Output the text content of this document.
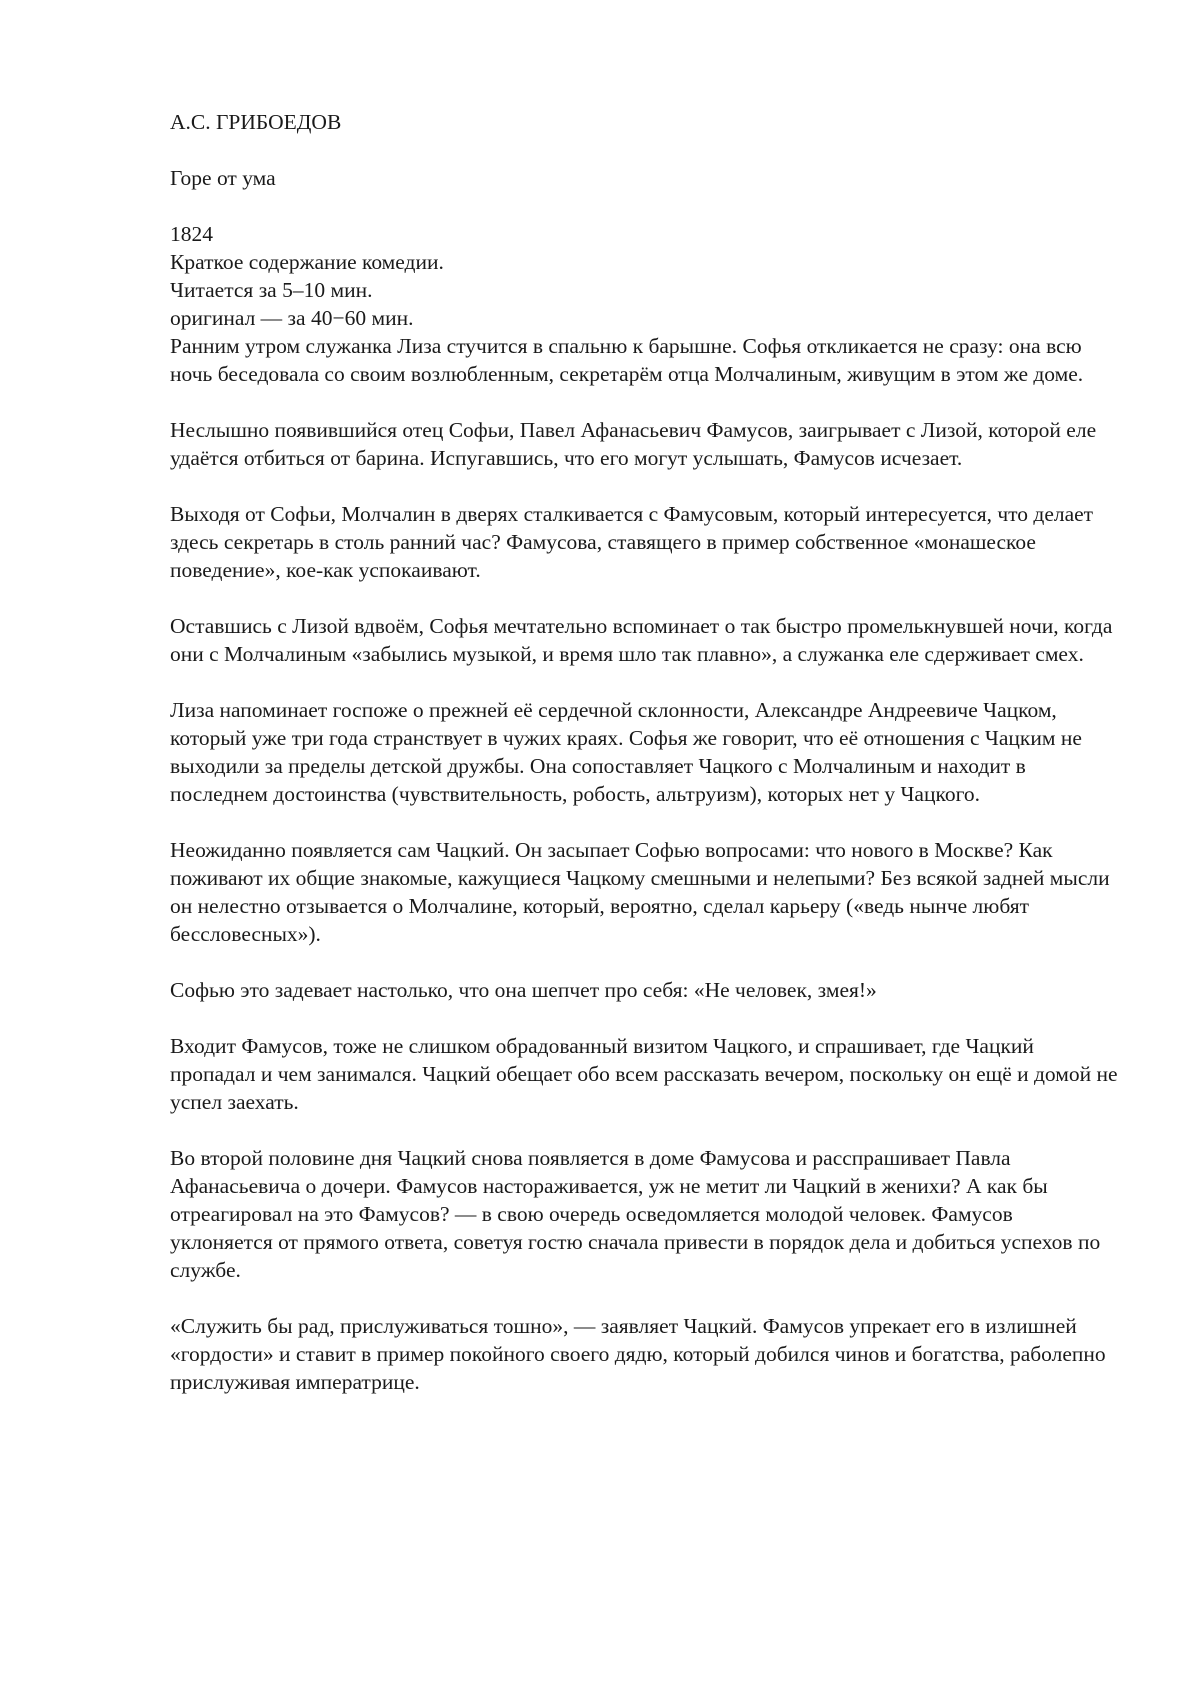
А.С. ГРИБОЕДОВ

Горе от ума

1824

Краткое содержание комедии.

Читается за 5–10 мин.

оригинал — за 40−60 мин.

Ранним утром служанка Лиза стучится в спальню к барышне. Софья откликается не сразу: она всю ночь беседовала со своим возлюбленным, секретарём отца Молчалиным, живущим в этом же доме.

Неслышно появившийся отец Софьи, Павел Афанасьевич Фамусов, заигрывает с Лизой, которой еле удаётся отбиться от барина. Испугавшись, что его могут услышать, Фамусов исчезает.

Выходя от Софьи, Молчалин в дверях сталкивается с Фамусовым, который интересуется, что делает здесь секретарь в столь ранний час? Фамусова, ставящего в пример собственное «монашеское поведение», кое-как успокаивают.

Оставшись с Лизой вдвоём, Софья мечтательно вспоминает о так быстро промелькнувшей ночи, когда они с Молчалиным «забылись музыкой, и время шло так плавно», а служанка еле сдерживает смех.

Лиза напоминает госпоже о прежней её сердечной склонности, Александре Андреевиче Чацком, который уже три года странствует в чужих краях. Софья же говорит, что её отношения с Чацким не выходили за пределы детской дружбы. Она сопоставляет Чацкого с Молчалиным и находит в последнем достоинства (чувствительность, робость, альтруизм), которых нет у Чацкого.

Неожиданно появляется сам Чацкий. Он засыпает Софью вопросами: что нового в Москве? Как поживают их общие знакомые, кажущиеся Чацкому смешными и нелепыми? Без всякой задней мысли он нелестно отзывается о Молчалине, который, вероятно, сделал карьеру («ведь нынче любят бессловесных»).

Софью это задевает настолько, что она шепчет про себя: «Не человек, змея!»

Входит Фамусов, тоже не слишком обрадованный визитом Чацкого, и спрашивает, где Чацкий пропадал и чем занимался. Чацкий обещает обо всем рассказать вечером, поскольку он ещё и домой не успел заехать.

Во второй половине дня Чацкий снова появляется в доме Фамусова и расспрашивает Павла Афанасьевича о дочери. Фамусов настораживается, уж не метит ли Чацкий в женихи? А как бы отреагировал на это Фамусов? — в свою очередь осведомляется молодой человек. Фамусов уклоняется от прямого ответа, советуя гостю сначала привести в порядок дела и добиться успехов по службе.

«Служить бы рад, прислуживаться тошно», — заявляет Чацкий. Фамусов упрекает его в излишней «гордости» и ставит в пример покойного своего дядю, который добился чинов и богатства, раболепно прислуживая императрице.
